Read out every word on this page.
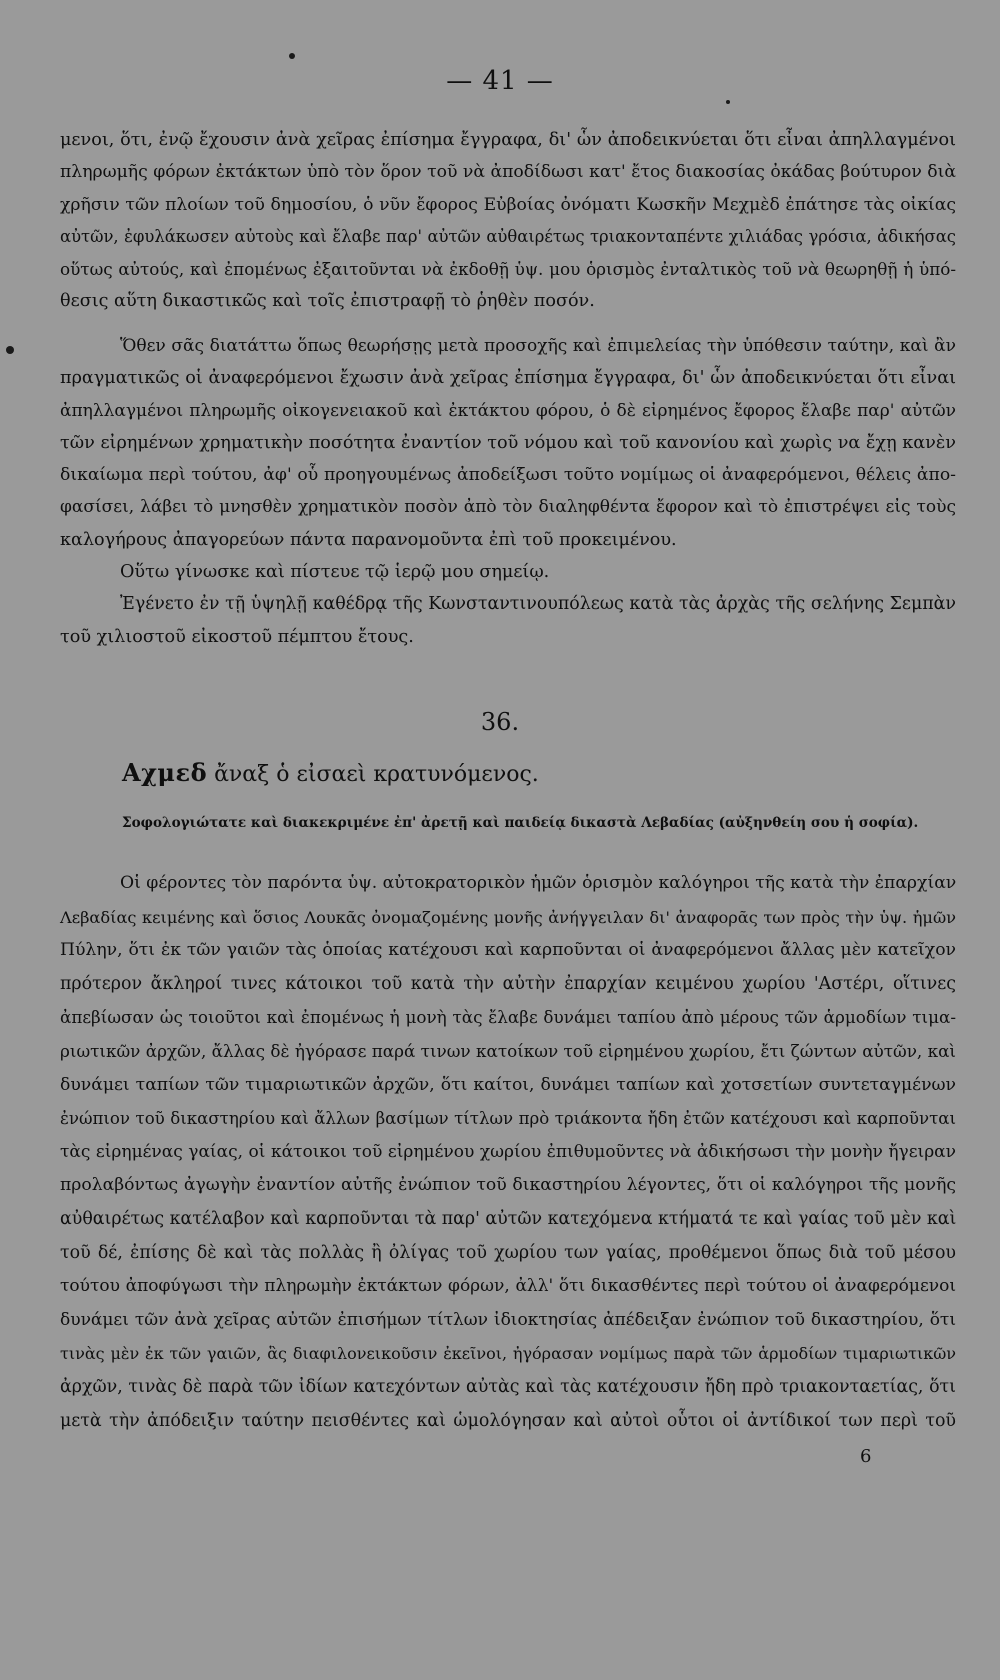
— 41 —
μενοι, ὅτι, ἐνῷ ἔχουσιν ἀνὰ χεῖρας ἐπίσημα ἔγγραφα, δι' ὧν ἀποδεικνύεται ὅτι εἶναι ἀπηλλαγμένοι
πληρωμῆς φόρων ἐκτάκτων ὑπὸ τὸν ὅρον τοῦ νὰ ἀποδίδωσι κατ' ἔτος διακοσίας ὀκάδας βούτυρον διὰ
χρῆσιν τῶν πλοίων τοῦ δημοσίου, ὁ νῦν ἔφορος Εὐβοίας ὀνόματι Κωσκῆν Μεχμὲδ ἐπάτησε τὰς οἰκίας
αὐτῶν, ἐφυλάκωσεν αὐτοὺς καὶ ἔλαβε παρ' αὐτῶν αὐθαιρέτως τριακονταπέντε χιλιάδας γρόσια, ἀδικήσας
οὕτως αὐτούς, καὶ ἐπομένως ἐξαιτοῦνται νὰ ἐκδοθῇ ὑψ. μου ὁρισμὸς ἐνταλτικὸς τοῦ νὰ θεωρηθῇ ἡ ὑπό-
θεσις αὕτη δικαστικῶς καὶ τοῖς ἐπιστραφῇ τὸ ῥηθὲν ποσόν.
Ὅθεν σᾶς διατάττω ὅπως θεωρήσῃς μετὰ προσοχῆς καὶ ἐπιμελείας τὴν ὑπόθεσιν ταύτην, καὶ ἂν
πραγματικῶς οἱ ἀναφερόμενοι ἔχωσιν ἀνὰ χεῖρας ἐπίσημα ἔγγραφα, δι' ὧν ἀποδεικνύεται ὅτι εἶναι
ἀπηλλαγμένοι πληρωμῆς οἰκογενειακοῦ καὶ ἐκτάκτου φόρου, ὁ δὲ εἰρημένος ἔφορος ἔλαβε παρ' αὐτῶν
τῶν εἰρημένων χρηματικὴν ποσότητα ἐναντίον τοῦ νόμου καὶ τοῦ κανονίου καὶ χωρὶς να ἔχῃ κανὲν
δικαίωμα περὶ τούτου, ἀφ' οὗ προηγουμένως ἀποδείξωσι τοῦτο νομίμως οἱ ἀναφερόμενοι, θέλεις ἀπο-
φασίσει, λάβει τὸ μνησθὲν χρηματικὸν ποσὸν ἀπὸ τὸν διαληφθέντα ἔφορον καὶ τὸ ἐπιστρέψει εἰς τοὺς
καλογήρους ἀπαγορεύων πάντα παρανομοῦντα ἐπὶ τοῦ προκειμένου.
Οὕτω γίνωσκε καὶ πίστευε τῷ ἱερῷ μου σημείῳ.
Ἐγένετο ἐν τῇ ὑψηλῇ καθέδρᾳ τῆς Κωνσταντινουπόλεως κατὰ τὰς ἀρχὰς τῆς σελήνης Σεμπὰν
τοῦ χιλιοστοῦ εἰκοστοῦ πέμπτου ἔτους.
36.
Αχμεδ ἄναξ ὁ εἰσαεὶ κρατυνόμενος.
Σοφολογιώτατε καὶ διακεκριμένε ἐπ' ἀρετῇ καὶ παιδείᾳ δικαστὰ Λεβαδίας (αὐξηνθείη σου ἡ σοφία).
Οἱ φέροντες τὸν παρόντα ὑψ. αὐτοκρατορικὸν ἡμῶν ὁρισμὸν καλόγηροι τῆς κατὰ τὴν ἐπαρχίαν
Λεβαδίας κειμένης καὶ ὅσιος Λουκᾶς ὀνομαζομένης μονῆς ἀνήγγειλαν δι' ἀναφορᾶς των πρὸς τὴν ὑψ. ἡμῶν
Πύλην, ὅτι ἐκ τῶν γαιῶν τὰς ὁποίας κατέχουσι καὶ καρποῦνται οἱ ἀναφερόμενοι ἄλλας μὲν κατεῖχον
πρότερον ἄκληροί τινες κάτοικοι τοῦ κατὰ τὴν αὐτὴν ἐπαρχίαν κειμένου χωρίου 'Αστέρι, οἵτινες
ἀπεβίωσαν ὡς τοιοῦτοι καὶ ἐπομένως ἡ μονὴ τὰς ἔλαβε δυνάμει ταπίου ἀπὸ μέρους τῶν ἁρμοδίων τιμα-
ριωτικῶν ἀρχῶν, ἄλλας δὲ ἠγόρασε παρά τινων κατοίκων τοῦ εἰρημένου χωρίου, ἔτι ζώντων αὐτῶν, καὶ
δυνάμει ταπίων τῶν τιμαριωτικῶν ἀρχῶν, ὅτι καίτοι, δυνάμει ταπίων καὶ χοτσετίων συντεταγμένων
ἐνώπιον τοῦ δικαστηρίου καὶ ἄλλων βασίμων τίτλων πρὸ τριάκοντα ἤδη ἐτῶν κατέχουσι καὶ καρποῦνται
τὰς εἰρημένας γαίας, οἱ κάτοικοι τοῦ εἰρημένου χωρίου ἐπιθυμοῦντες νὰ ἀδικήσωσι τὴν μονὴν ἤγειραν
προλαβόντως ἀγωγὴν ἐναντίον αὐτῆς ἐνώπιον τοῦ δικαστηρίου λέγοντες, ὅτι οἱ καλόγηροι τῆς μονῆς
αὐθαιρέτως κατέλαβον καὶ καρποῦνται τὰ παρ' αὐτῶν κατεχόμενα κτήματά τε καὶ γαίας τοῦ μὲν καὶ
τοῦ δέ, ἐπίσης δὲ καὶ τὰς πολλὰς ἢ ὀλίγας τοῦ χωρίου των γαίας, προθέμενοι ὅπως διὰ τοῦ μέσου
τούτου ἀποφύγωσι τὴν πληρωμὴν ἐκτάκτων φόρων, ἀλλ' ὅτι δικασθέντες περὶ τούτου οἱ ἀναφερόμενοι
δυνάμει τῶν ἀνὰ χεῖρας αὐτῶν ἐπισήμων τίτλων ἰδιοκτησίας ἀπέδειξαν ἐνώπιον τοῦ δικαστηρίου, ὅτι
τινὰς μὲν ἐκ τῶν γαιῶν, ἃς διαφιλονεικοῦσιν ἐκεῖνοι, ἠγόρασαν νομίμως παρὰ τῶν ἁρμοδίων τιμαριωτικῶν
ἀρχῶν, τινὰς δὲ παρὰ τῶν ἰδίων κατεχόντων αὐτὰς καὶ τὰς κατέχουσιν ἤδη πρὸ τριακονταετίας, ὅτι
μετὰ τὴν ἀπόδειξιν ταύτην πεισθέντες καὶ ὡμολόγησαν καὶ αὐτοὶ οὗτοι οἱ ἀντίδικοί των περὶ τοῦ
6
